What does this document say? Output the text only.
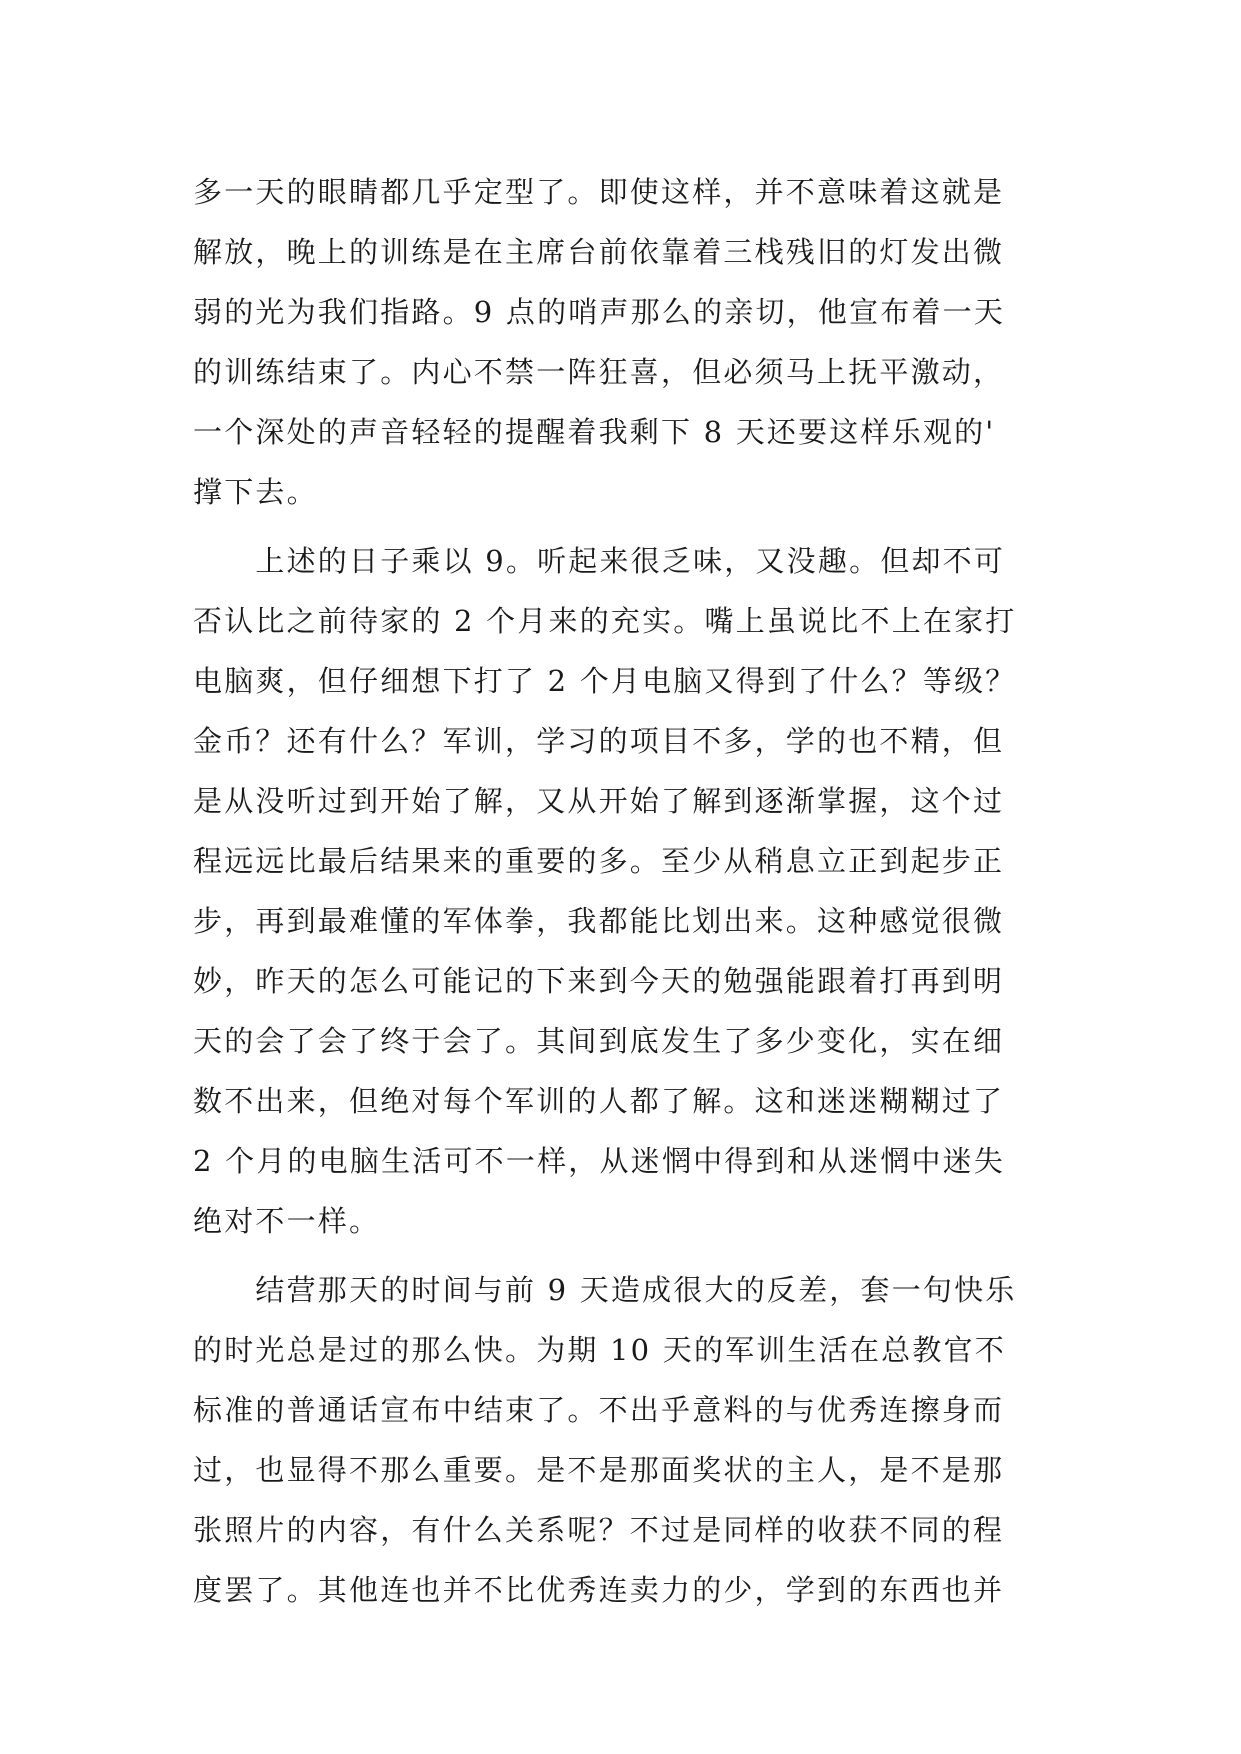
多一天的眼睛都几乎定型了。即使这样，并不意味着这就是
解放，晚上的训练是在主席台前依靠着三栈残旧的灯发出微
弱的光为我们指路。9 点的哨声那么的亲切，他宣布着一天
的训练结束了。内心不禁一阵狂喜，但必须马上抚平激动，
一个深处的声音轻轻的提醒着我剩下 8 天还要这样乐观的'
撑下去。
　　上述的日子乘以 9。听起来很乏味，又没趣。但却不可
否认比之前待家的 2 个月来的充实。嘴上虽说比不上在家打
电脑爽，但仔细想下打了 2 个月电脑又得到了什么？等级？
金币？还有什么？军训，学习的项目不多，学的也不精，但
是从没听过到开始了解，又从开始了解到逐渐掌握，这个过
程远远比最后结果来的重要的多。至少从稍息立正到起步正
步，再到最难懂的军体拳，我都能比划出来。这种感觉很微
妙，昨天的怎么可能记的下来到今天的勉强能跟着打再到明
天的会了会了终于会了。其间到底发生了多少变化，实在细
数不出来，但绝对每个军训的人都了解。这和迷迷糊糊过了
2 个月的电脑生活可不一样，从迷惘中得到和从迷惘中迷失
绝对不一样。
　　结营那天的时间与前 9 天造成很大的反差，套一句快乐
的时光总是过的那么快。为期 10 天的军训生活在总教官不
标准的普通话宣布中结束了。不出乎意料的与优秀连擦身而
过，也显得不那么重要。是不是那面奖状的主人，是不是那
张照片的内容，有什么关系呢？不过是同样的收获不同的程
度罢了。其他连也并不比优秀连卖力的少，学到的东西也并
